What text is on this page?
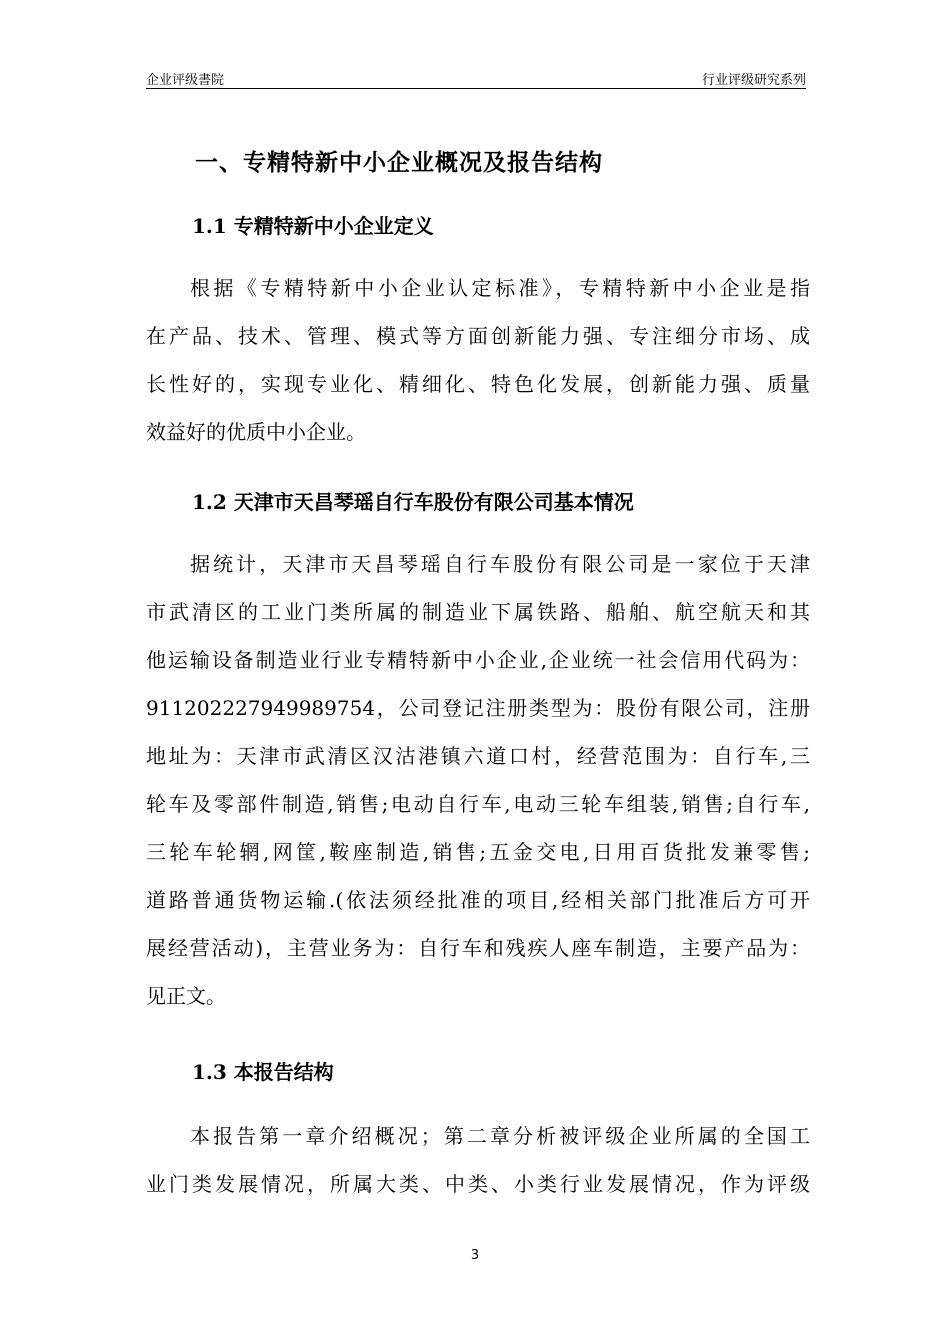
企业评级書院	行业评级研究系列
一、专精特新中小企业概况及报告结构
1.1 专精特新中小企业定义
根据《专精特新中小企业认定标准》，专精特新中小企业是指
在产品、技术、管理、模式等方面创新能力强、专注细分市场、成
长性好的，实现专业化、精细化、特色化发展，创新能力强、质量
效益好的优质中小企业。
1.2 天津市天昌琴瑶自行车股份有限公司基本情况
据统计，天津市天昌琴瑶自行车股份有限公司是一家位于天津
市武清区的工业门类所属的制造业下属铁路、船舶、航空航天和其
他运输设备制造业行业专精特新中小企业,企业统一社会信用代码为：
911202227949989754，公司登记注册类型为：股份有限公司，注册
地址为：天津市武清区汉沽港镇六道口村，经营范围为：自行车,三
轮车及零部件制造,销售;电动自行车,电动三轮车组装,销售;自行车,
三轮车轮辋,网筐,鞍座制造,销售;五金交电,日用百货批发兼零售;
道路普通货物运输.(依法须经批准的项目,经相关部门批准后方可开
展经营活动)，主营业务为：自行车和残疾人座车制造，主要产品为：
见正文。
1.3 本报告结构
本报告第一章介绍概况；第二章分析被评级企业所属的全国工
业门类发展情况，所属大类、中类、小类行业发展情况，作为评级
3
